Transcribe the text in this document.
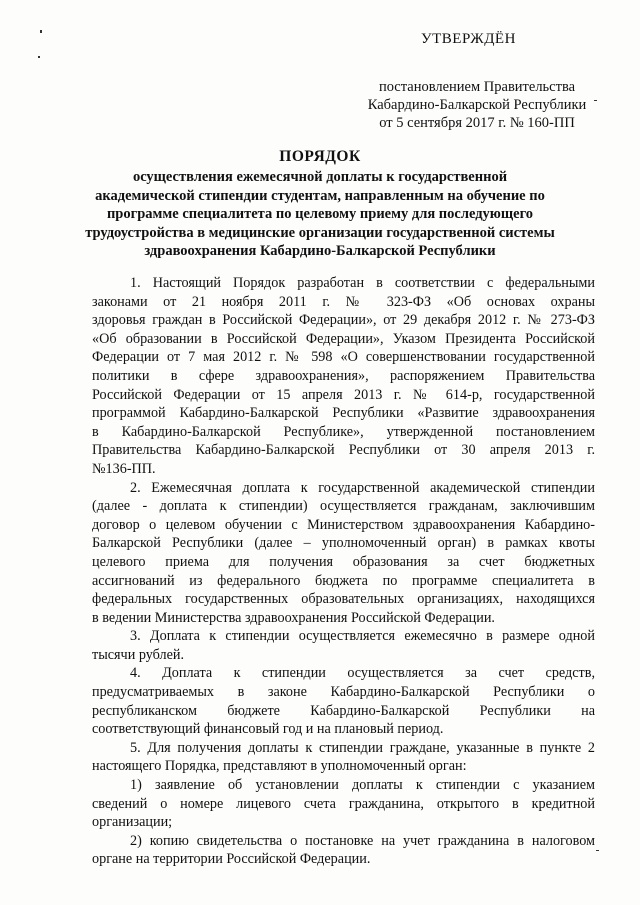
УТВЕРЖДЁН
постановлением Правительства
Кабардино-Балкарской Республики
от 5 сентября 2017 г. № 160-ПП
ПОРЯДОК
осуществления ежемесячной доплаты к государственной
академической стипендии студентам, направленным на обучение по
программе специалитета по целевому приему для последующего
трудоустройства в медицинские организации государственной системы
здравоохранения Кабардино-Балкарской Республики
1. Настоящий Порядок разработан в соответствии с федеральными
законами от 21 ноября 2011 г. № 323-ФЗ «Об основах охраны
здоровья граждан в Российской Федерации», от 29 декабря 2012 г. № 273-ФЗ
«Об образовании в Российской Федерации», Указом Президента Российской
Федерации от 7 мая 2012 г. № 598 «О совершенствовании государственной
политики в сфере здравоохранения», распоряжением Правительства
Российской Федерации от 15 апреля 2013 г. № 614-р, государственной
программой Кабардино-Балкарской Республики «Развитие здравоохранения
в Кабардино-Балкарской Республике», утвержденной постановлением
Правительства Кабардино-Балкарской Республики от 30 апреля 2013 г.
№136-ПП.
2. Ежемесячная доплата к государственной академической стипендии
(далее - доплата к стипендии) осуществляется гражданам, заключившим
договор о целевом обучении с Министерством здравоохранения Кабардино-
Балкарской Республики (далее – уполномоченный орган) в рамках квоты
целевого приема для получения образования за счет бюджетных
ассигнований из федерального бюджета по программе специалитета в
федеральных государственных образовательных организациях, находящихся
в ведении Министерства здравоохранения Российской Федерации.
3. Доплата к стипендии осуществляется ежемесячно в размере одной
тысячи рублей.
4. Доплата к стипендии осуществляется за счет средств,
предусматриваемых в законе Кабардино-Балкарской Республики о
республиканском бюджете Кабардино-Балкарской Республики на
соответствующий финансовый год и на плановый период.
5. Для получения доплаты к стипендии граждане, указанные в пункте 2
настоящего Порядка, представляют в уполномоченный орган:
1) заявление об установлении доплаты к стипендии с указанием
сведений о номере лицевого счета гражданина, открытого в кредитной
организации;
2) копию свидетельства о постановке на учет гражданина в налоговом
органе на территории Российской Федерации.
